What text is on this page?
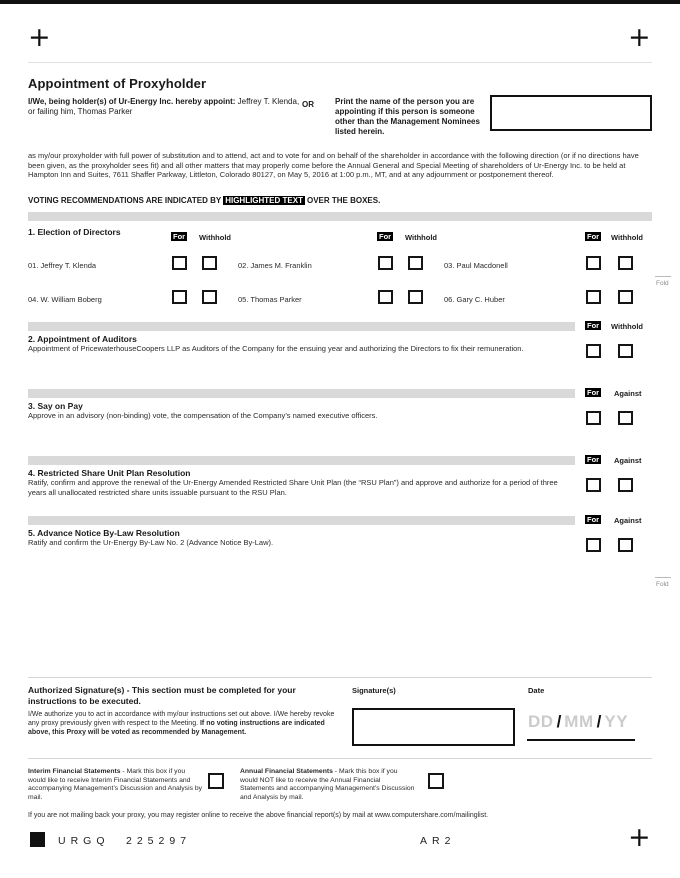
+	+
Appointment of Proxyholder
I/We, being holder(s) of Ur-Energy Inc. hereby appoint: Jeffrey T. Klenda,
or failing him, Thomas Parker
OR	Print the name of the person you are appointing if this person is someone other than the Management Nominees listed herein.
as my/our proxyholder with full power of substitution and to attend, act and to vote for and on behalf of the shareholder in accordance with the following direction (or if no directions have been given, as the proxyholder sees fit) and all other matters that may properly come before the Annual General and Special Meeting of shareholders of Ur-Energy Inc. to be held at Hampton Inn and Suites, 7611 Shaffer Parkway, Littleton, Colorado 80127, on May 5, 2016 at 1:00 p.m., MT, and at any adjournment or postponement thereof.
VOTING RECOMMENDATIONS ARE INDICATED BY HIGHLIGHTED TEXT OVER THE BOXES.
1. Election of Directors	For Withhold	For Withhold	For Withhold
01. Jeffrey T. Klenda	02. James M. Franklin	03. Paul Macdonell
04. W. William Boberg	05. Thomas Parker	06. Gary C. Huber
Fold
For Withhold
2. Appointment of Auditors
Appointment of PricewaterhouseCoopers LLP as Auditors of the Company for the ensuing year and authorizing the Directors to fix their remuneration.
For Against
3. Say on Pay
Approve in an advisory (non-binding) vote, the compensation of the Company’s named executive officers.
For Against
4. Restricted Share Unit Plan Resolution
Ratify, confirm and approve the renewal of the Ur-Energy Amended Restricted Share Unit Plan (the “RSU Plan”) and approve and authorize for a period of three years all unallocated restricted share units issuable pursuant to the RSU Plan.
For Against
5. Advance Notice By-Law Resolution
Ratify and confirm the Ur-Energy By-Law No. 2 (Advance Notice By-Law).
Fold
Authorized Signature(s) - This section must be completed for your instructions to be executed.
I/We authorize you to act in accordance with my/our instructions set out above. I/We hereby revoke any proxy previously given with respect to the Meeting. If no voting instructions are indicated above, this Proxy will be voted as recommended by Management.
Signature(s)	Date
DD / MM / YY
Interim Financial Statements - Mark this box if you would like to receive Interim Financial Statements and accompanying Management’s Discussion and Analysis by mail.
Annual Financial Statements - Mark this box if you would NOT like to receive the Annual Financial Statements and accompanying Management’s Discussion and Analysis by mail.
If you are not mailing back your proxy, you may register online to receive the above financial report(s) by mail at www.computershare.com/mailinglist.
URGQ 225297	AR2	+
